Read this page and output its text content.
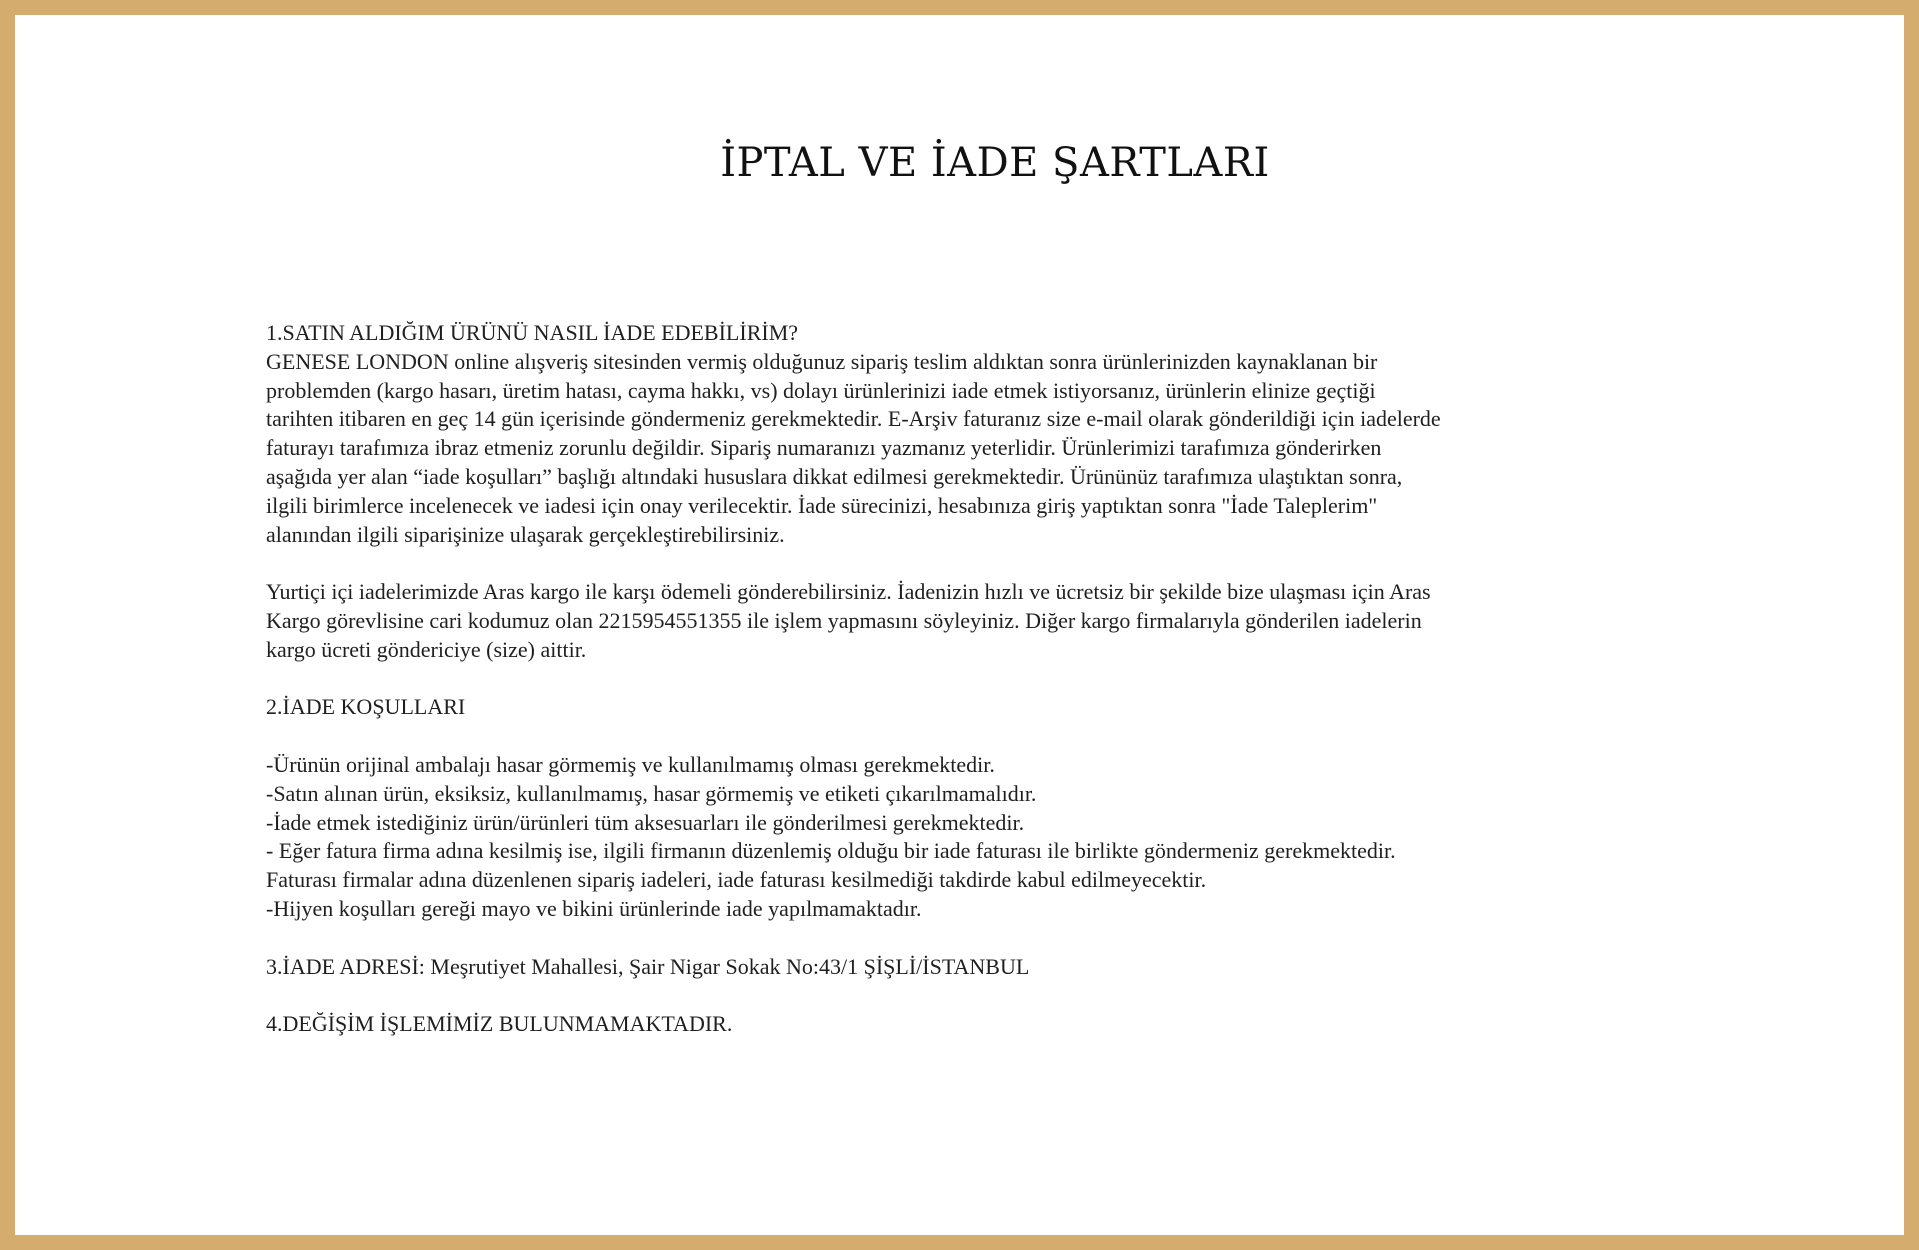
İPTAL VE İADE ŞARTLARI
1.SATIN ALDIĞIM ÜRÜNÜ NASIL İADE EDEBİLİRİM?
GENESE LONDON online alışveriş sitesinden vermiş olduğunuz sipariş teslim aldıktan sonra ürünlerinizden kaynaklanan bir
problemden (kargo hasarı, üretim hatası, cayma hakkı, vs) dolayı ürünlerinizi iade etmek istiyorsanız, ürünlerin elinize geçtiği
tarihten itibaren en geç 14 gün içerisinde göndermeniz gerekmektedir. E-Arşiv faturanız size e-mail olarak gönderildiği için iadelerde
faturayı tarafımıza ibraz etmeniz zorunlu değildir. Sipariş numaranızı yazmanız yeterlidir. Ürünlerimizi tarafımıza gönderirken
aşağıda yer alan “iade koşulları” başlığı altındaki hususlara dikkat edilmesi gerekmektedir. Ürününüz tarafımıza ulaştıktan sonra,
ilgili birimlerce incelenecek ve iadesi için onay verilecektir. İade sürecinizi, hesabınıza giriş yaptıktan sonra "İade Taleplerim"
alanından ilgili siparişinize ulaşarak gerçekleştirebilirsiniz.
Yurtiçi içi iadelerimizde Aras kargo ile karşı ödemeli gönderebilirsiniz. İadenizin hızlı ve ücretsiz bir şekilde bize ulaşması için Aras
Kargo görevlisine cari kodumuz olan 2215954551355 ile işlem yapmasını söyleyiniz. Diğer kargo firmalarıyla gönderilen iadelerin
kargo ücreti göndericiye (size) aittir.
2.İADE KOŞULLARI
-Ürünün orijinal ambalajı hasar görmemiş ve kullanılmamış olması gerekmektedir.
-Satın alınan ürün, eksiksiz, kullanılmamış, hasar görmemiş ve etiketi çıkarılmamalıdır.
-İade etmek istediğiniz ürün/ürünleri tüm aksesuarları ile gönderilmesi gerekmektedir.
- Eğer fatura firma adına kesilmiş ise, ilgili firmanın düzenlemiş olduğu bir iade faturası ile birlikte göndermeniz gerekmektedir.
Faturası firmalar adına düzenlenen sipariş iadeleri, iade faturası kesilmediği takdirde kabul edilmeyecektir.
-Hijyen koşulları gereği mayo ve bikini ürünlerinde iade yapılmamaktadır.
3.İADE ADRESİ: Meşrutiyet Mahallesi, Şair Nigar Sokak No:43/1 ŞİŞLİ/İSTANBUL
4.DEĞİŞİM İŞLEMİMİZ BULUNMAMAKTADIR.
